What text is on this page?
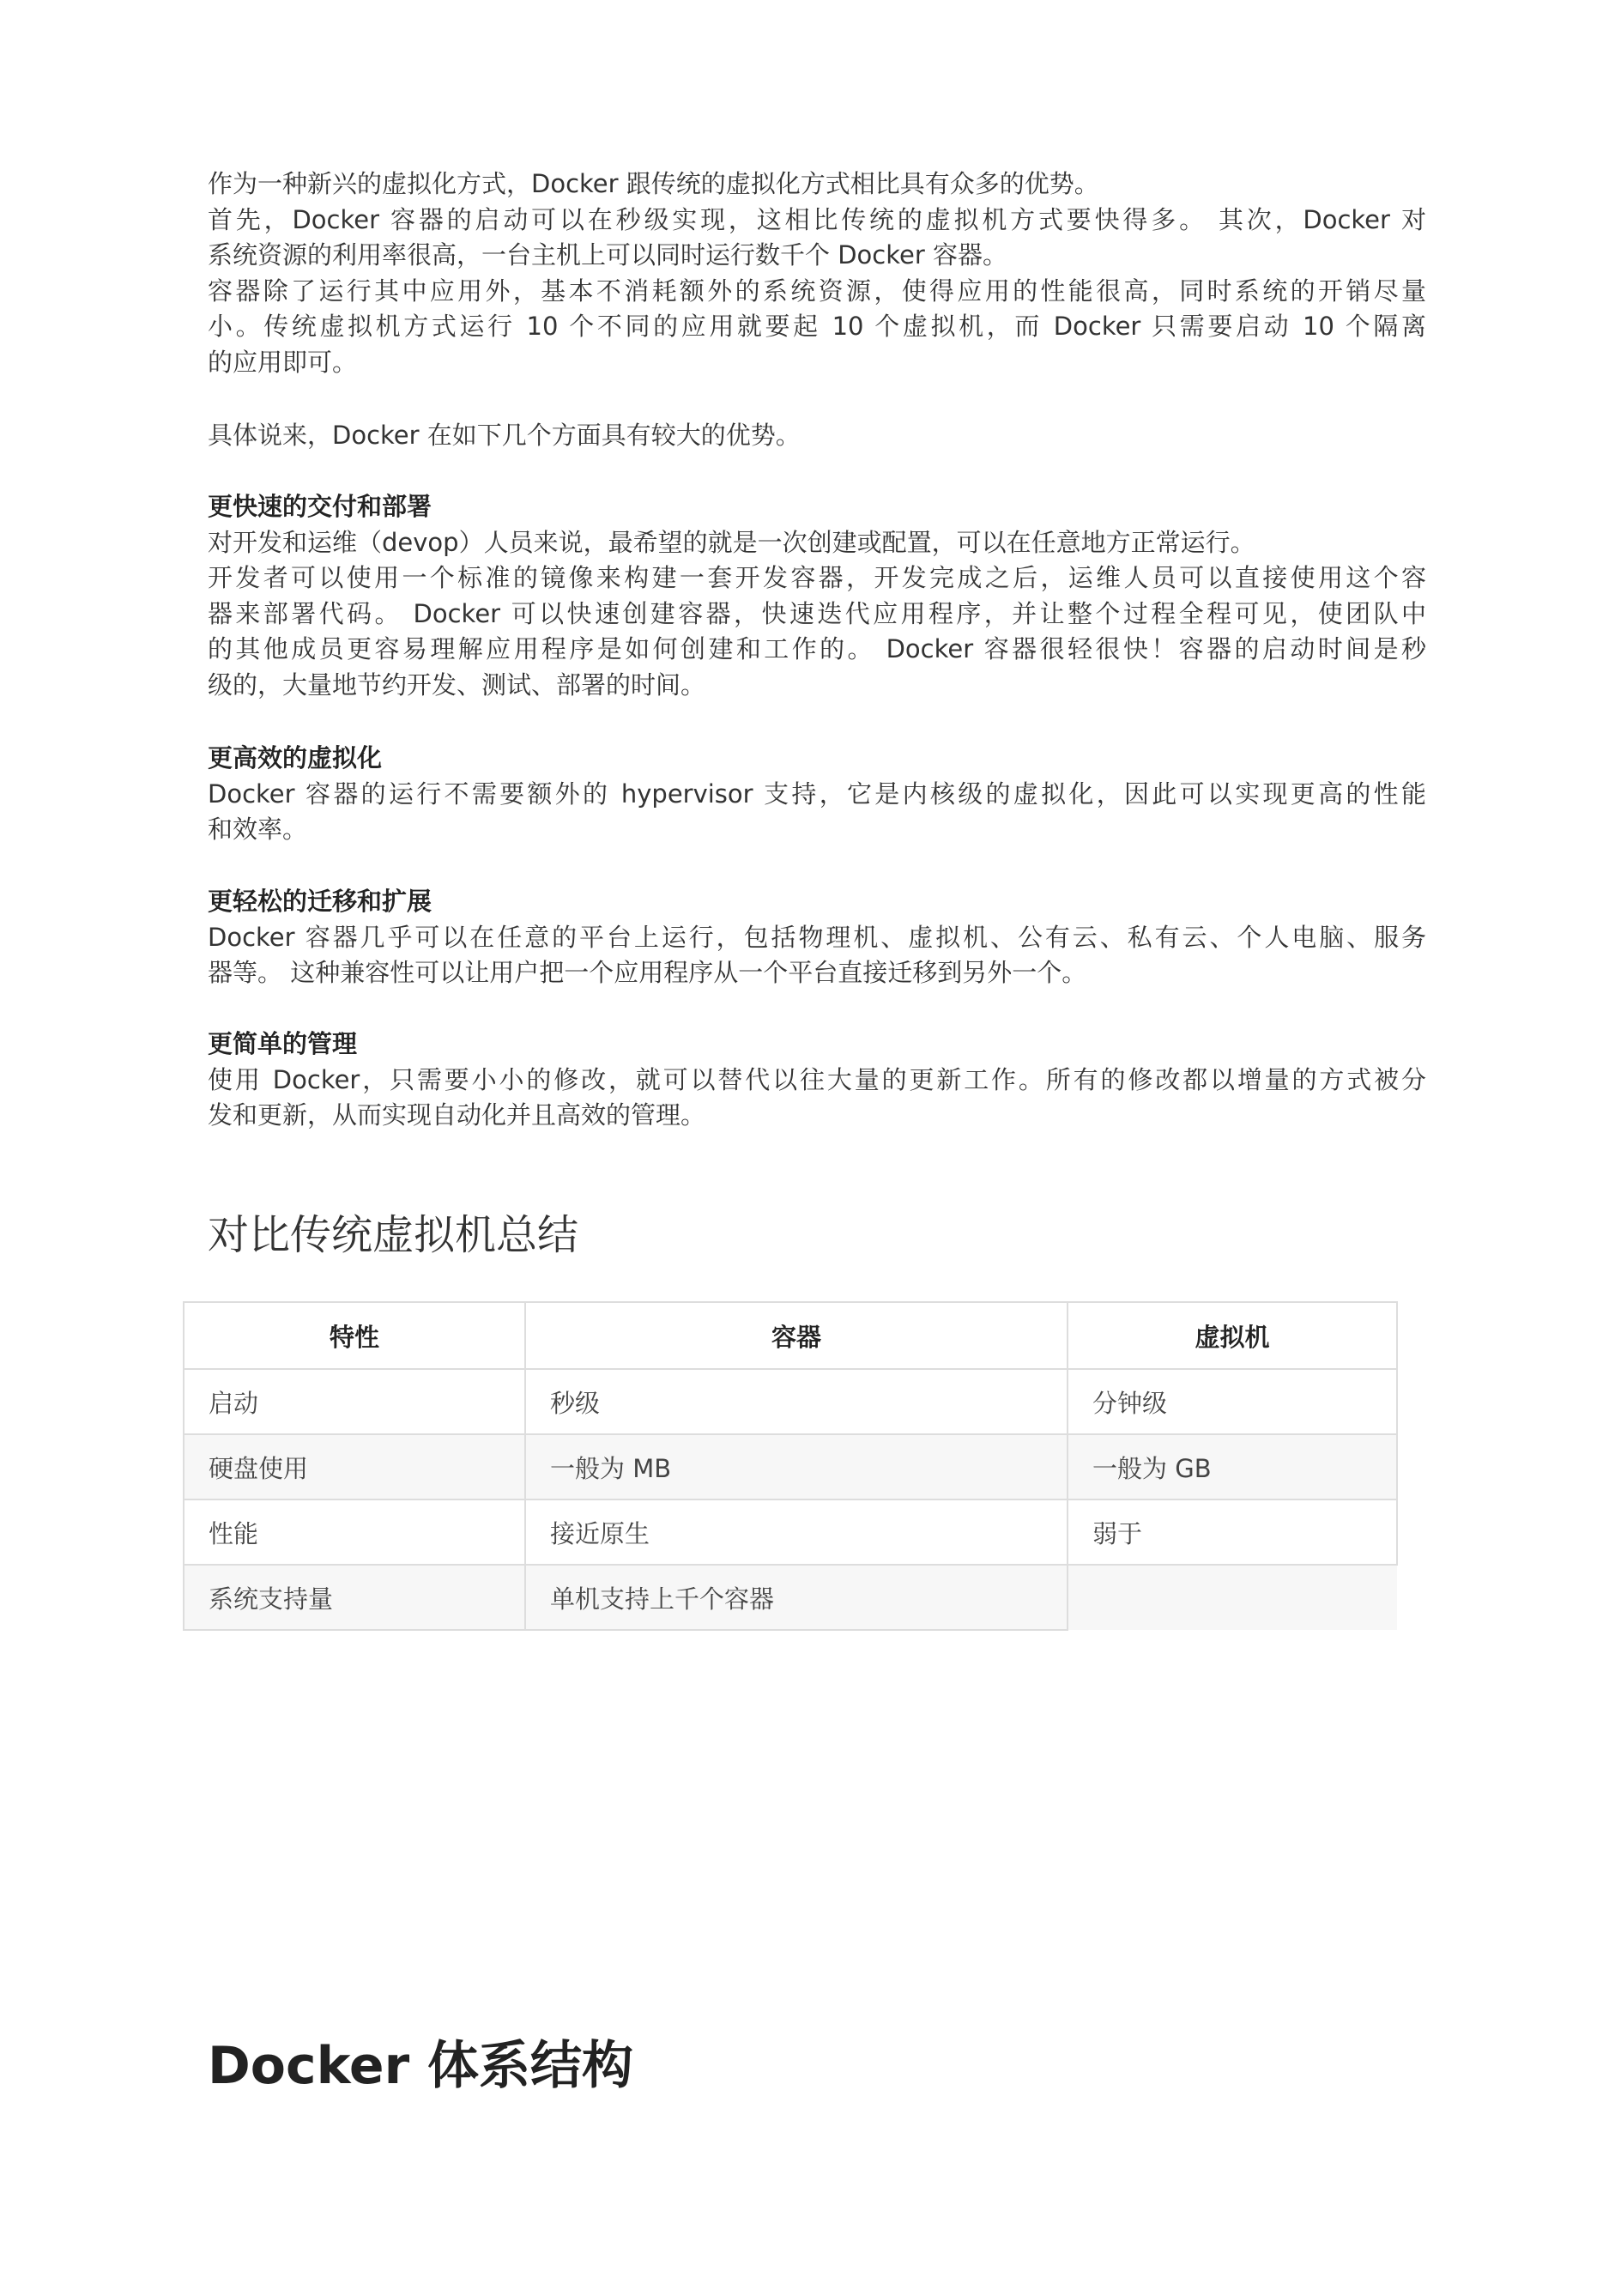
作为一种新兴的虚拟化方式，Docker 跟传统的虚拟化方式相比具有众多的优势。
首先，Docker 容器的启动可以在秒级实现，这相比传统的虚拟机方式要快得多。 其次，Docker 对
系统资源的利用率很高，一台主机上可以同时运行数千个 Docker 容器。
容器除了运行其中应用外，基本不消耗额外的系统资源，使得应用的性能很高，同时系统的开销尽量
小。传统虚拟机方式运行 10 个不同的应用就要起 10 个虚拟机，而 Docker 只需要启动 10 个隔离
的应用即可。
具体说来，Docker 在如下几个方面具有较大的优势。
更快速的交付和部署
对开发和运维（devop）人员来说，最希望的就是一次创建或配置，可以在任意地方正常运行。
开发者可以使用一个标准的镜像来构建一套开发容器，开发完成之后，运维人员可以直接使用这个容
器来部署代码。 Docker 可以快速创建容器，快速迭代应用程序，并让整个过程全程可见，使团队中
的其他成员更容易理解应用程序是如何创建和工作的。 Docker 容器很轻很快！容器的启动时间是秒
级的，大量地节约开发、测试、部署的时间。
更高效的虚拟化
Docker 容器的运行不需要额外的 hypervisor 支持，它是内核级的虚拟化，因此可以实现更高的性能
和效率。
更轻松的迁移和扩展
Docker 容器几乎可以在任意的平台上运行，包括物理机、虚拟机、公有云、私有云、个人电脑、服务
器等。 这种兼容性可以让用户把一个应用程序从一个平台直接迁移到另外一个。
更简单的管理
使用 Docker，只需要小小的修改，就可以替代以往大量的更新工作。所有的修改都以增量的方式被分
发和更新，从而实现自动化并且高效的管理。
对比传统虚拟机总结
特性	容器	虚拟机
启动	秒级	分钟级
硬盘使用	一般为 MB	一般为 GB
性能	接近原生	弱于
系统支持量	单机支持上千个容器	
Docker 体系结构
